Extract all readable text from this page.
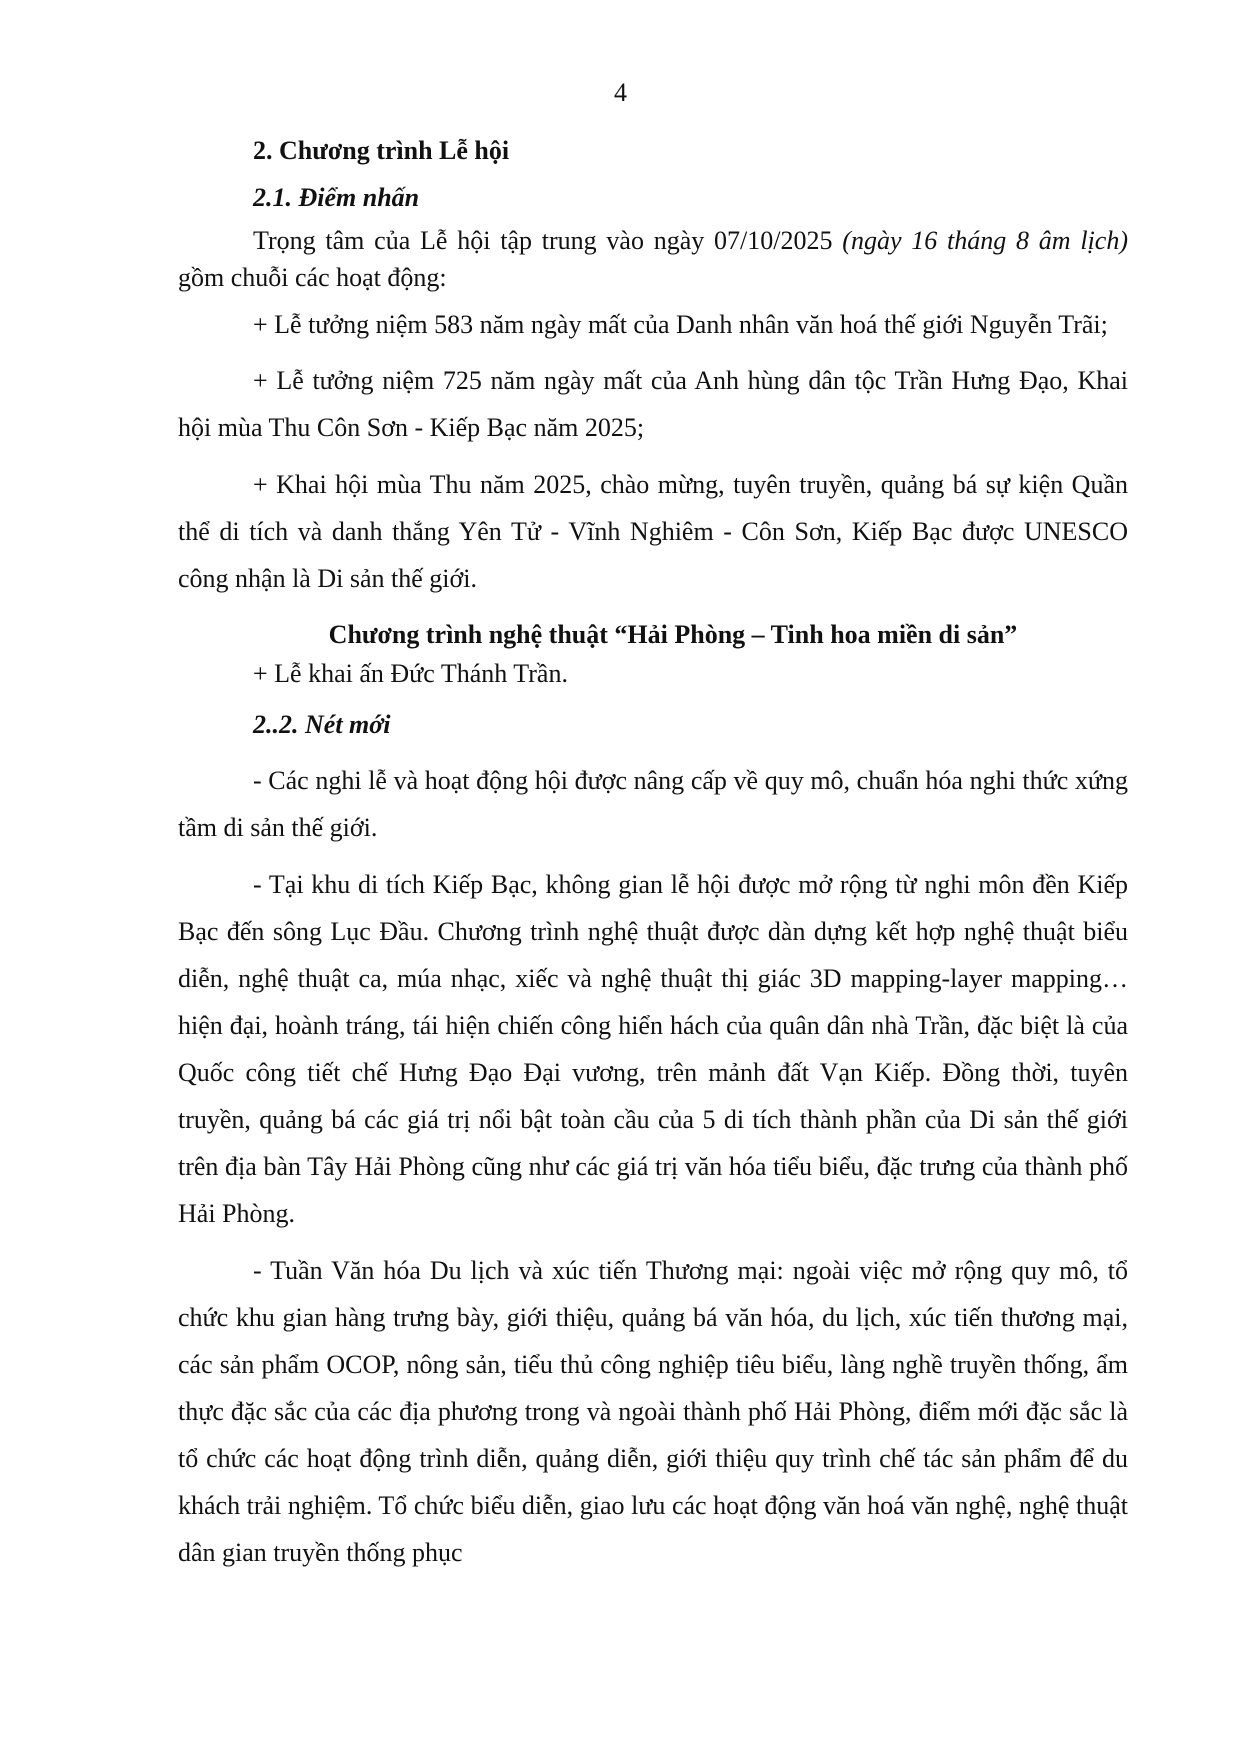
4

2. Chương trình Lễ hội

2.1. Điểm nhấn

Trọng tâm của Lễ hội tập trung vào ngày 07/10/2025 (ngày 16 tháng 8 âm lịch) gồm chuỗi các hoạt động:

+ Lễ tưởng niệm 583 năm ngày mất của Danh nhân văn hoá thế giới Nguyễn Trãi;

+ Lễ tưởng niệm 725 năm ngày mất của Anh hùng dân tộc Trần Hưng Đạo, Khai hội mùa Thu Côn Sơn - Kiếp Bạc năm 2025;

+ Khai hội mùa Thu năm 2025, chào mừng, tuyên truyền, quảng bá sự kiện Quần thể di tích và danh thắng Yên Tử - Vĩnh Nghiêm - Côn Sơn, Kiếp Bạc được UNESCO công nhận là Di sản thế giới.

Chương trình nghệ thuật “Hải Phòng – Tinh hoa miền di sản”

+ Lễ khai ấn Đức Thánh Trần.

2..2. Nét mới

- Các nghi lễ và hoạt động hội được nâng cấp về quy mô, chuẩn hóa nghi thức xứng tầm di sản thế giới.

- Tại khu di tích Kiếp Bạc, không gian lễ hội được mở rộng từ nghi môn đền Kiếp Bạc đến sông Lục Đầu. Chương trình nghệ thuật được dàn dựng kết hợp nghệ thuật biểu diễn, nghệ thuật ca, múa nhạc, xiếc và nghệ thuật thị giác 3D mapping-layer mapping… hiện đại, hoành tráng, tái hiện chiến công hiển hách của quân dân nhà Trần, đặc biệt là của Quốc công tiết chế Hưng Đạo Đại vương, trên mảnh đất Vạn Kiếp. Đồng thời, tuyên truyền, quảng bá các giá trị nổi bật toàn cầu của 5 di tích thành phần của Di sản thế giới trên địa bàn Tây Hải Phòng cũng như các giá trị văn hóa tiểu biểu, đặc trưng của thành phố Hải Phòng.

- Tuần Văn hóa Du lịch và xúc tiến Thương mại: ngoài việc mở rộng quy mô, tổ chức khu gian hàng trưng bày, giới thiệu, quảng bá văn hóa, du lịch, xúc tiến thương mại, các sản phẩm OCOP, nông sản, tiểu thủ công nghiệp tiêu biểu, làng nghề truyền thống, ẩm thực đặc sắc của các địa phương trong và ngoài thành phố Hải Phòng, điểm mới đặc sắc là tổ chức các hoạt động trình diễn, quảng diễn, giới thiệu quy trình chế tác sản phẩm để du khách trải nghiệm. Tổ chức biểu diễn, giao lưu các hoạt động văn hoá văn nghệ, nghệ thuật dân gian truyền thống phục
